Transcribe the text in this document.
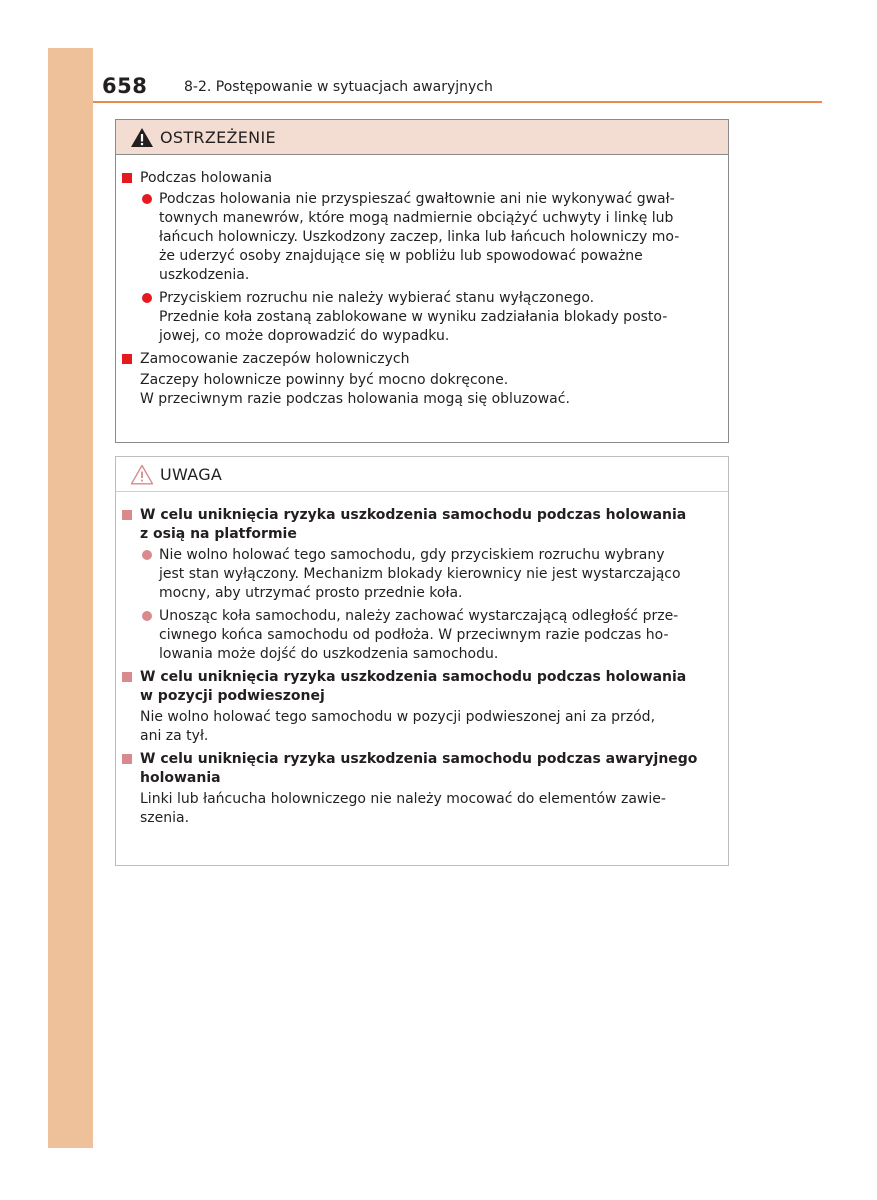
658	8-2. Postępowanie w sytuacjach awaryjnych
OSTRZEŻENIE
Podczas holowania
Podczas holowania nie przyspieszać gwałtownie ani nie wykonywać gwał-
townych manewrów, które mogą nadmiernie obciążyć uchwyty i linkę lub
łańcuch holowniczy. Uszkodzony zaczep, linka lub łańcuch holowniczy mo-
że uderzyć osoby znajdujące się w pobliżu lub spowodować poważne
uszkodzenia.
Przyciskiem rozruchu nie należy wybierać stanu wyłączonego.
Przednie koła zostaną zablokowane w wyniku zadziałania blokady posto-
jowej, co może doprowadzić do wypadku.
Zamocowanie zaczepów holowniczych
Zaczepy holownicze powinny być mocno dokręcone.
W przeciwnym razie podczas holowania mogą się obluzować.
UWAGA
W celu uniknięcia ryzyka uszkodzenia samochodu podczas holowania
z osią na platformie
Nie wolno holować tego samochodu, gdy przyciskiem rozruchu wybrany
jest stan wyłączony. Mechanizm blokady kierownicy nie jest wystarczająco
mocny, aby utrzymać prosto przednie koła.
Unosząc koła samochodu, należy zachować wystarczającą odległość prze-
ciwnego końca samochodu od podłoża. W przeciwnym razie podczas ho-
lowania może dojść do uszkodzenia samochodu.
W celu uniknięcia ryzyka uszkodzenia samochodu podczas holowania
w pozycji podwieszonej
Nie wolno holować tego samochodu w pozycji podwieszonej ani za przód,
ani za tył.
W celu uniknięcia ryzyka uszkodzenia samochodu podczas awaryjnego
holowania
Linki lub łańcucha holowniczego nie należy mocować do elementów zawie-
szenia.
